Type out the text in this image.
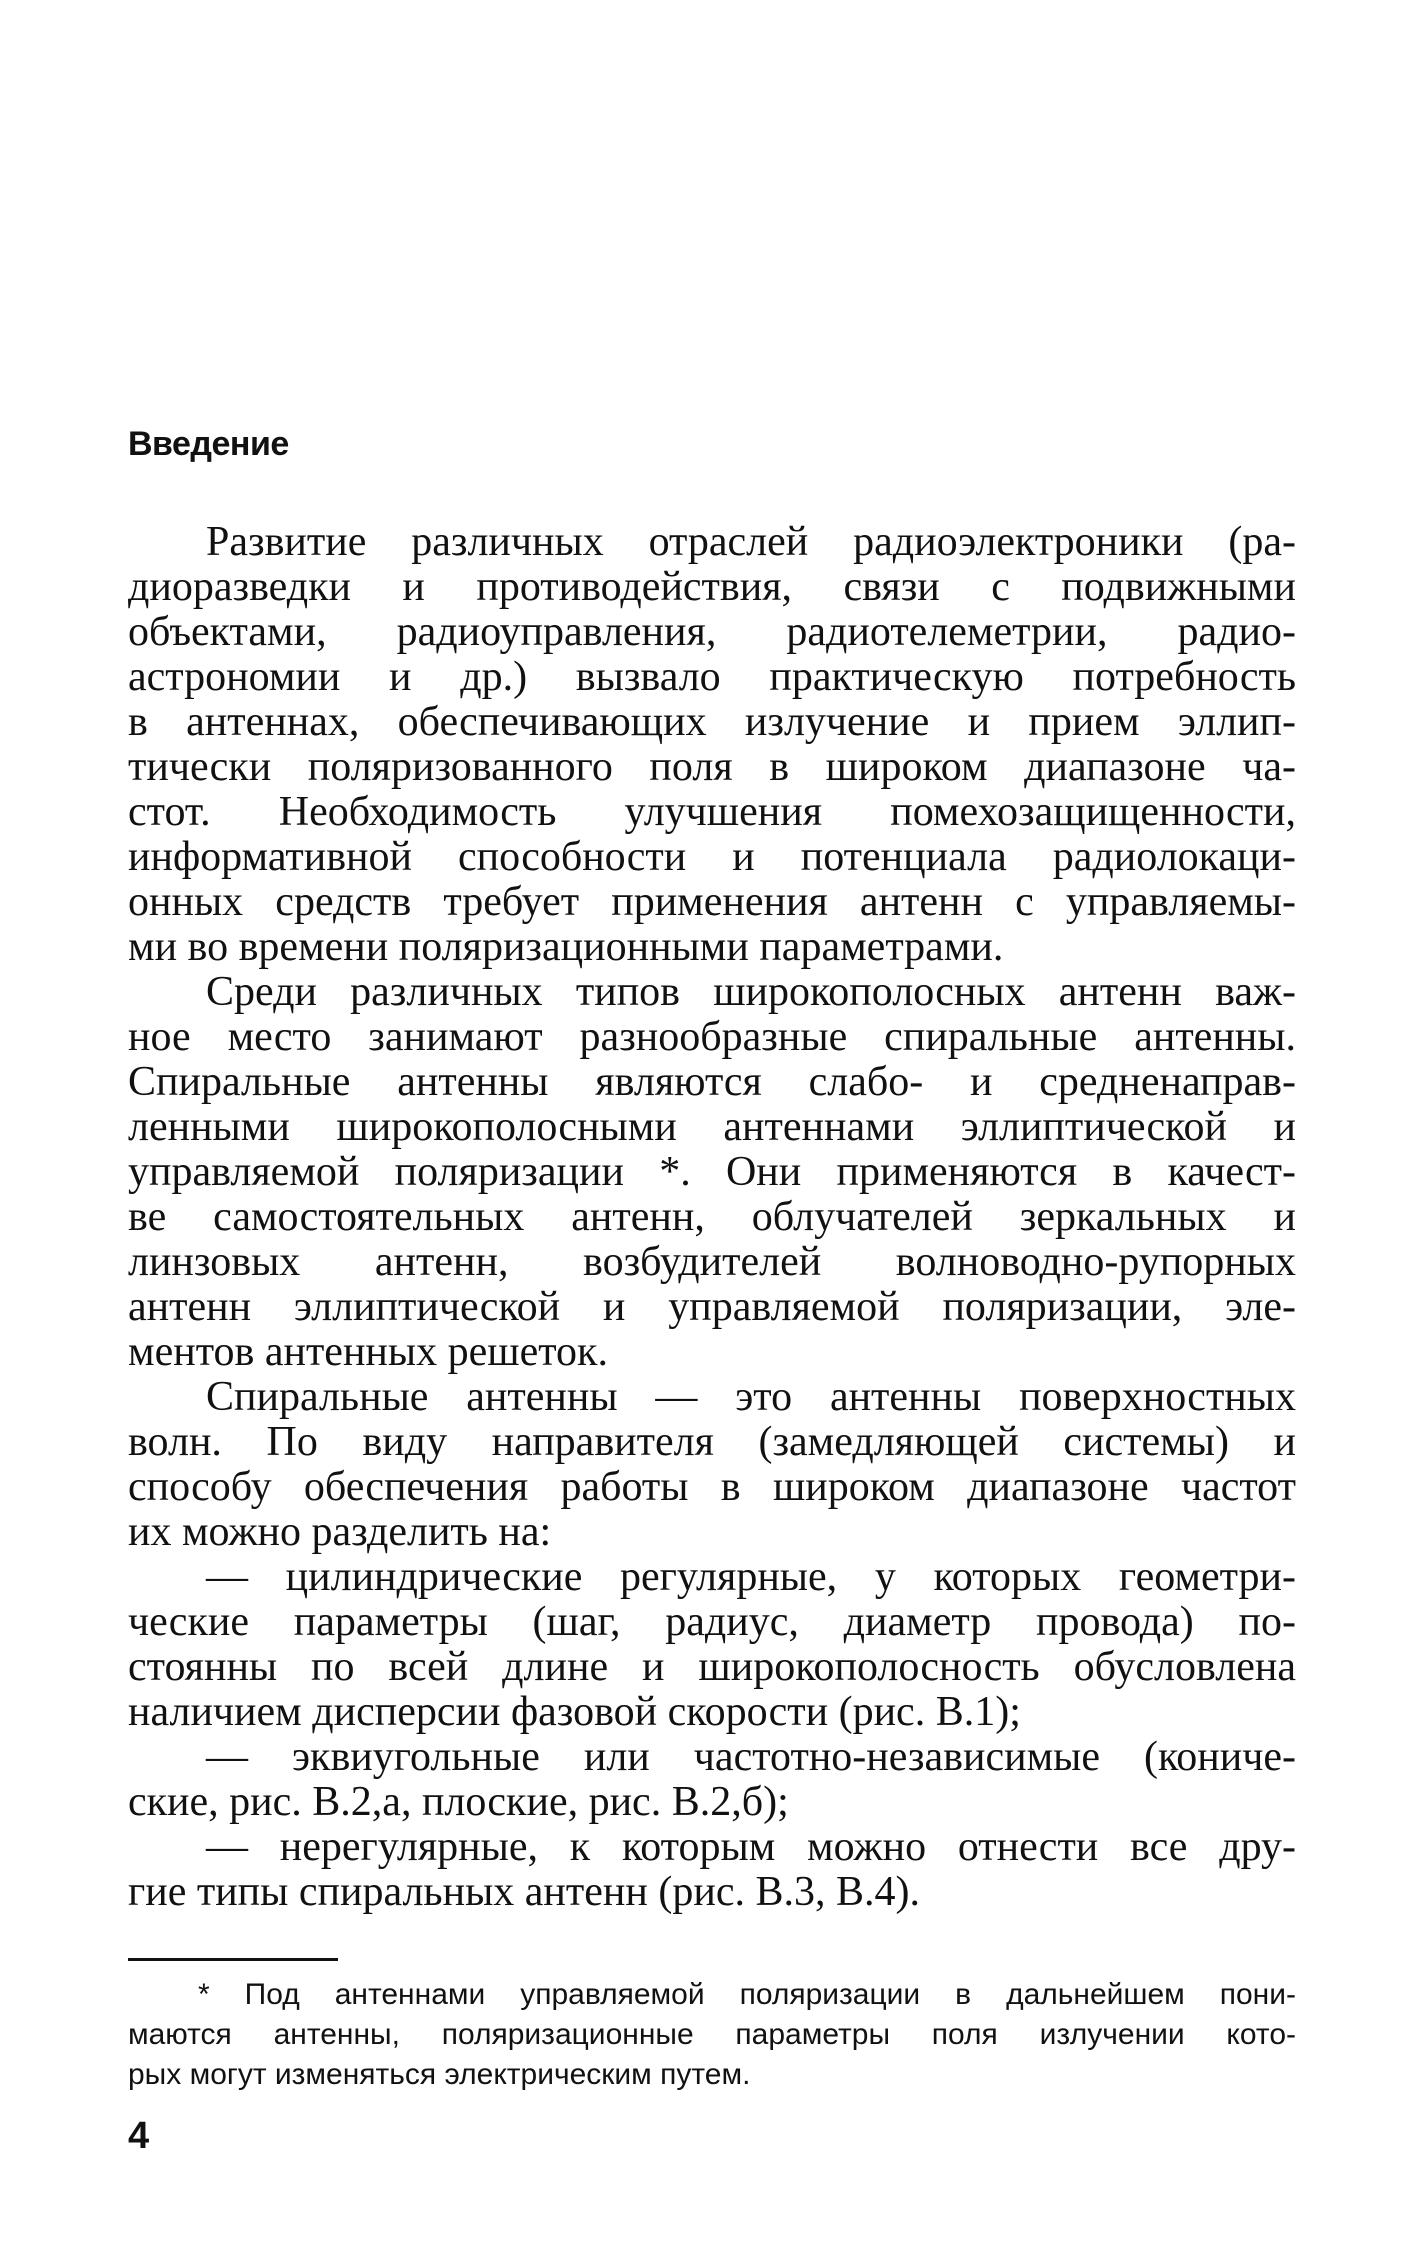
Введение
Развитие различных отраслей радиоэлектроники (ра-
диоразведки и противодействия, связи с подвижными
объектами, радиоуправления, радиотелеметрии, радио-
астрономии и др.) вызвало практическую потребность
в антеннах, обеспечивающих излучение и прием эллип-
тически поляризованного поля в широком диапазоне ча-
стот. Необходимость улучшения помехозащищенности,
информативной способности и потенциала радиолокаци-
онных средств требует применения антенн с управляемы-
ми во времени поляризационными параметрами.
Среди различных типов широкополосных антенн важ-
ное место занимают разнообразные спиральные антенны.
Спиральные антенны являются слабо- и средненаправ-
ленными широкополосными антеннами эллиптической и
управляемой поляризации *. Они применяются в качест-
ве самостоятельных антенн, облучателей зеркальных и
линзовых антенн, возбудителей волноводно-рупорных
антенн эллиптической и управляемой поляризации, эле-
ментов антенных решеток.
Спиральные антенны — это антенны поверхностных
волн. По виду направителя (замедляющей системы) и
способу обеспечения работы в широком диапазоне частот
их можно разделить на:
— цилиндрические регулярные, у которых геометри-
ческие параметры (шаг, радиус, диаметр провода) по-
стоянны по всей длине и широкополосность обусловлена
наличием дисперсии фазовой скорости (рис. В.1);
— эквиугольные или частотно-независимые (кониче-
ские, рис. В.2,а, плоские, рис. В.2,б);
— нерегулярные, к которым можно отнести все дру-
гие типы спиральных антенн (рис. В.3, В.4).
* Под антеннами управляемой поляризации в дальнейшем пони-
маются антенны, поляризационные параметры поля излучении кото-
рых могут изменяться электрическим путем.
4
